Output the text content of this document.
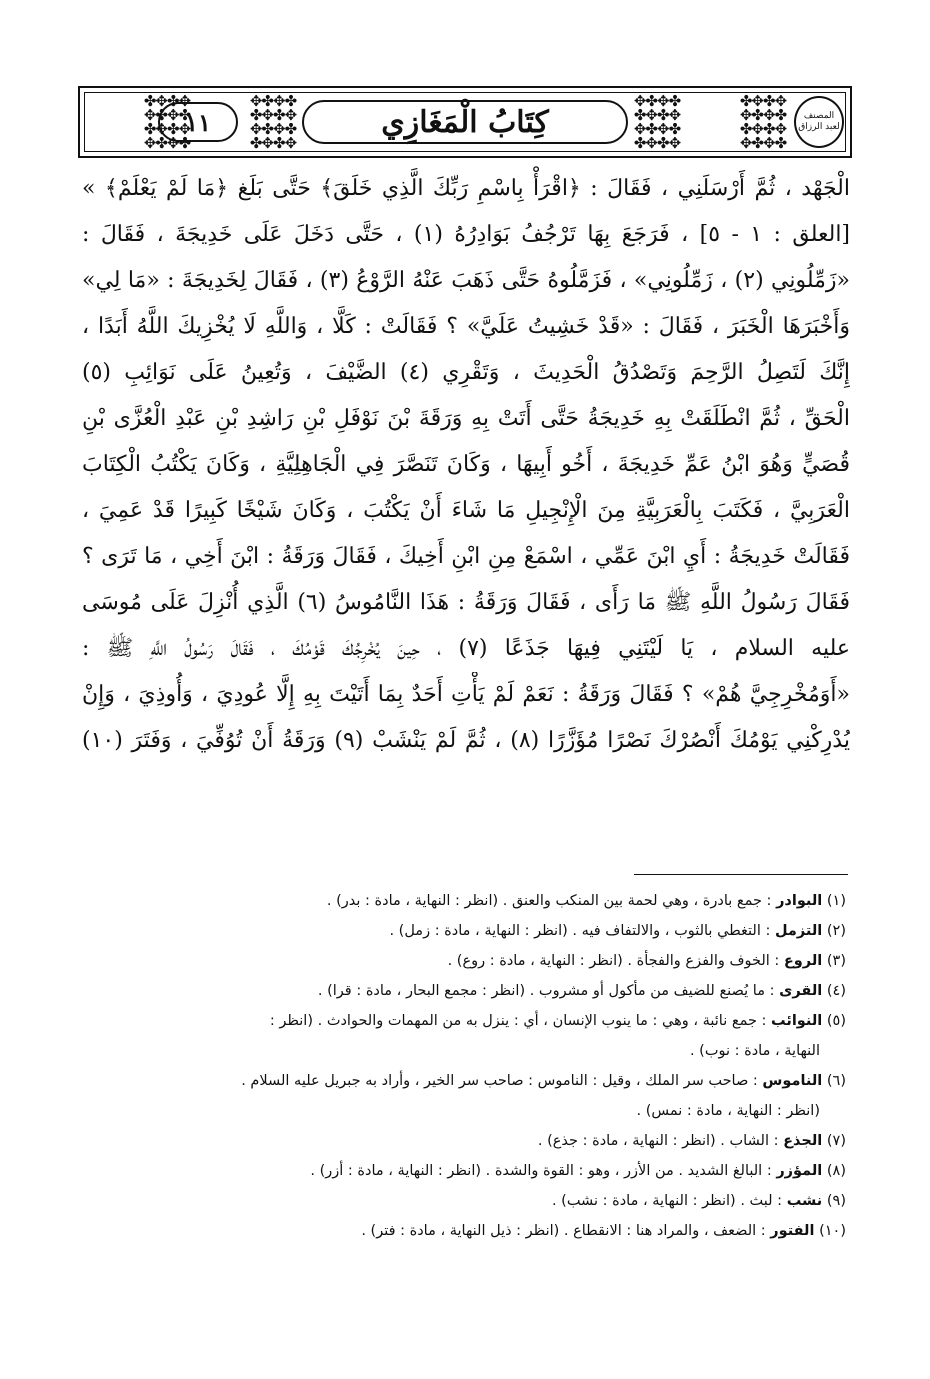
١١
✤✥✤✥
✥✤✥✤
✤✥✤✥
✥✤✥✤
✥✤✥✤
✤✥✤✥
✥✤✥✤
✤✥✤✥
كِتَابُ الْمَغَازِي
✥✤✥✤
✤✥✤✥
✥✤✥✤
✤✥✤✥
✤✥✤✥
✥✤✥✤
✤✥✤✥
✥✤✥✤
المصنف
لعبد الرزاق
الْجَهْد ، ثُمَّ أَرْسَلَنِي ، فَقَالَ : ﴿اقْرَأْ بِاسْمِ رَبِّكَ الَّذِي خَلَقَ﴾ حَتَّى بَلَغ ﴿مَا لَمْ يَعْلَمْ﴾ »
[العلق : ١ - ٥] ، فَرَجَعَ بِهَا تَرْجُفُ بَوَادِرُهُ (١) ، حَتَّى دَخَلَ عَلَى خَدِيجَةَ ، فَقَالَ :
«زَمِّلُونِي (٢) ، زَمِّلُونِي» ، فَزَمَّلُوهُ حَتَّى ذَهَبَ عَنْهُ الرَّوْعُ (٣) ، فَقَالَ لِخَدِيجَةَ : «مَا لِي»
وَأَخْبَرَهَا الْخَبَرَ ، فَقَالَ : «قَدْ خَشِيتُ عَلَيَّ» ؟ فَقَالَتْ : كَلَّا ، وَاللَّهِ لَا يُخْزِيكَ اللَّهُ أَبَدًا ،
إِنَّكَ لَتَصِلُ الرَّحِمَ وَتَصْدُقُ الْحَدِيثَ ، وَتَقْرِي (٤) الضَّيْفَ ، وَتُعِينُ عَلَى نَوَائِبِ (٥)
الْحَقِّ ، ثُمَّ انْطَلَقَتْ بِهِ خَدِيجَةُ حَتَّى أَتَتْ بِهِ وَرَقَةَ بْنَ نَوْفَلِ بْنِ رَاشِدِ بْنِ عَبْدِ الْعُزَّى بْنِ
قُصَيٍّ وَهُوَ ابْنُ عَمِّ خَدِيجَةَ ، أَخُو أَبِيهَا ، وَكَانَ تَنَصَّرَ فِي الْجَاهِلِيَّةِ ، وَكَانَ يَكْتُبُ الْكِتَابَ
الْعَرَبِيَّ ، فَكَتَبَ بِالْعَرَبِيَّةِ مِنَ الْإِنْجِيلِ مَا شَاءَ أَنْ يَكْتُبَ ، وَكَانَ شَيْخًا كَبِيرًا قَدْ عَمِيَ ،
فَقَالَتْ خَدِيجَةُ : أَيِ ابْنَ عَمِّي ، اسْمَعْ مِنِ ابْنِ أَخِيكَ ، فَقَالَ وَرَقَةُ : ابْنَ أَخِي ، مَا تَرَى ؟
فَقَالَ رَسُولُ اللَّهِ ﷺ مَا رَأَى ، فَقَالَ وَرَقَةُ : هَذَا النَّامُوسُ (٦) الَّذِي أُنْزِلَ عَلَى مُوسَى
عليه السلام ، يَا لَيْتَنِي فِيهَا جَذَعًا (٧) ، حِينَ يُخْرِجُكَ قَوْمُكَ ، فَقَالَ رَسُولُ اللَّهِ ﷺ :
«أَوَمُخْرِجِيَّ هُمْ» ؟ فَقَالَ وَرَقَةُ : نَعَمْ لَمْ يَأْتِ أَحَدٌ بِمَا أَتَيْتَ بِهِ إِلَّا عُودِيَ ، وَأُوذِيَ ، وَإِنْ
يُدْرِكْنِي يَوْمُكَ أَنْصُرْكَ نَصْرًا مُؤَزَّرًا (٨) ، ثُمَّ لَمْ يَنْشَبْ (٩) وَرَقَةُ أَنْ تُوُفِّيَ ، وَفَتَرَ (١٠)
(١) البوادر : جمع بادرة ، وهي لحمة بين المنكب والعنق . (انظر : النهاية ، مادة : بدر) .
(٢) التزمل : التغطي بالثوب ، والالتفاف فيه . (انظر : النهاية ، مادة : زمل) .
(٣) الروع : الخوف والفزع والفجأة . (انظر : النهاية ، مادة : روع) .
(٤) القرى : ما يُصنع للضيف من مأكول أو مشروب . (انظر : مجمع البحار ، مادة : قرا) .
(٥) النوائب : جمع نائبة ، وهي : ما ينوب الإنسان ، أي : ينزل به من المهمات والحوادث . (انظر :
النهاية ، مادة : نوب) .
(٦) الناموس : صاحب سر الملك ، وقيل : الناموس : صاحب سر الخير ، وأراد به جبريل عليه السلام .
(انظر : النهاية ، مادة : نمس) .
(٧) الجذع : الشاب . (انظر : النهاية ، مادة : جذع) .
(٨) المؤزر : البالغ الشديد . من الأزر ، وهو : القوة والشدة . (انظر : النهاية ، مادة : أزر) .
(٩) نشب : لبث . (انظر : النهاية ، مادة : نشب) .
(١٠) الفتور : الضعف ، والمراد هنا : الانقطاع . (انظر : ذيل النهاية ، مادة : فتر) .
